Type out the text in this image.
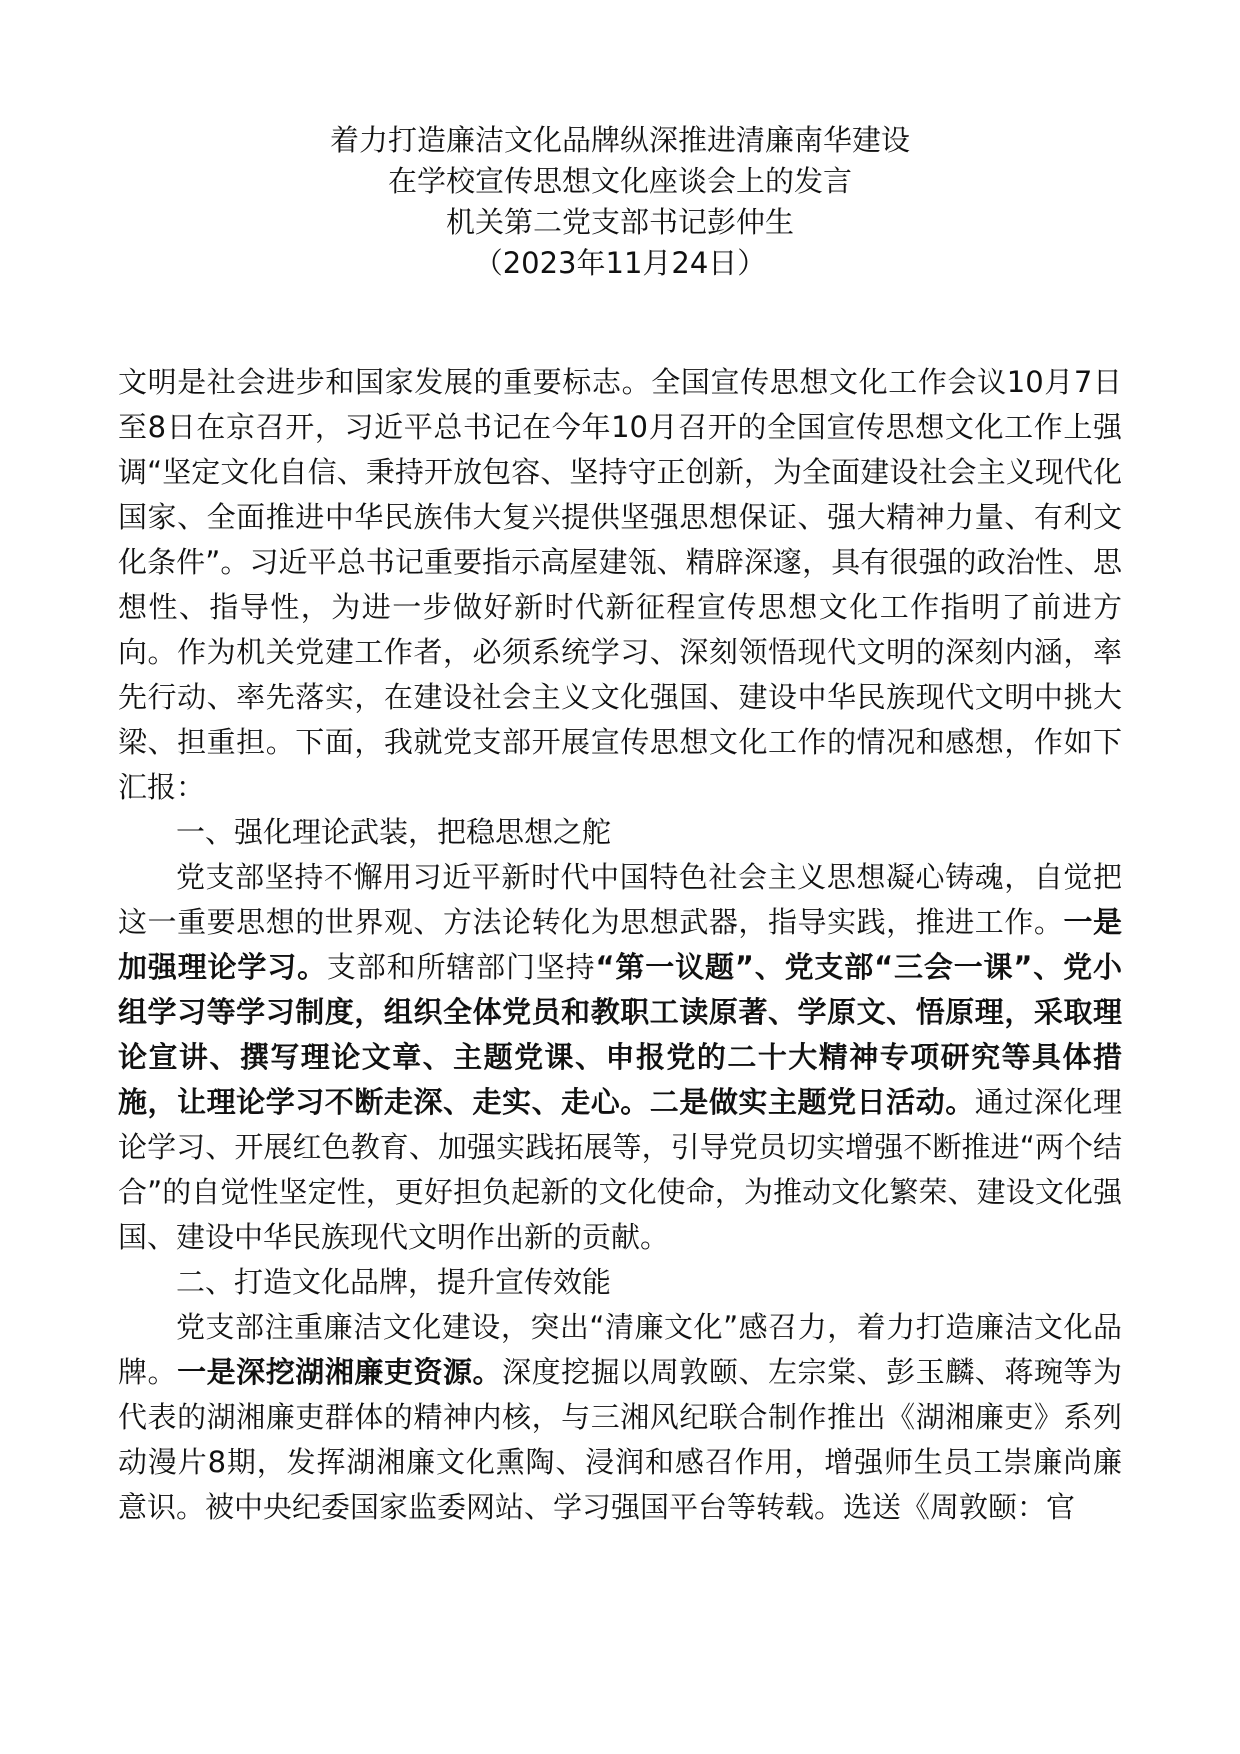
着力打造廉洁文化品牌纵深推进清廉南华建设
在学校宣传思想文化座谈会上的发言
机关第二党支部书记彭仲生
（2023年11月24日）

文明是社会进步和国家发展的重要标志。全国宣传思想文化工作会议10月7日至8日在京召开，习近平总书记在今年10月召开的全国宣传思想文化工作上强调“坚定文化自信、秉持开放包容、坚持守正创新，为全面建设社会主义现代化国家、全面推进中华民族伟大复兴提供坚强思想保证、强大精神力量、有利文化条件”。习近平总书记重要指示高屋建瓴、精辟深邃，具有很强的政治性、思想性、指导性，为进一步做好新时代新征程宣传思想文化工作指明了前进方向。作为机关党建工作者，必须系统学习、深刻领悟现代文明的深刻内涵，率先行动、率先落实，在建设社会主义文化强国、建设中华民族现代文明中挑大梁、担重担。下面，我就党支部开展宣传思想文化工作的情况和感想，作如下汇报：

一、强化理论武装，把稳思想之舵

党支部坚持不懈用习近平新时代中国特色社会主义思想凝心铸魂，自觉把这一重要思想的世界观、方法论转化为思想武器，指导实践，推进工作。一是加强理论学习。支部和所辖部门坚持“第一议题”、党支部“三会一课”、党小组学习等学习制度，组织全体党员和教职工读原著、学原文、悟原理，采取理论宣讲、撰写理论文章、主题党课、申报党的二十大精神专项研究等具体措施，让理论学习不断走深、走实、走心。二是做实主题党日活动。通过深化理论学习、开展红色教育、加强实践拓展等，引导党员切实增强不断推进“两个结合”的自觉性坚定性，更好担负起新的文化使命，为推动文化繁荣、建设文化强国、建设中华民族现代文明作出新的贡献。

二、打造文化品牌，提升宣传效能

党支部注重廉洁文化建设，突出“清廉文化”感召力，着力打造廉洁文化品牌。一是深挖湖湘廉吏资源。深度挖掘以周敦颐、左宗棠、彭玉麟、蒋琬等为代表的湖湘廉吏群体的精神内核，与三湘风纪联合制作推出《湖湘廉吏》系列动漫片8期，发挥湖湘廉文化熏陶、浸润和感召作用，增强师生员工崇廉尚廉意识。被中央纪委国家监委网站、学习强国平台等转载。选送《周敦颐：官
